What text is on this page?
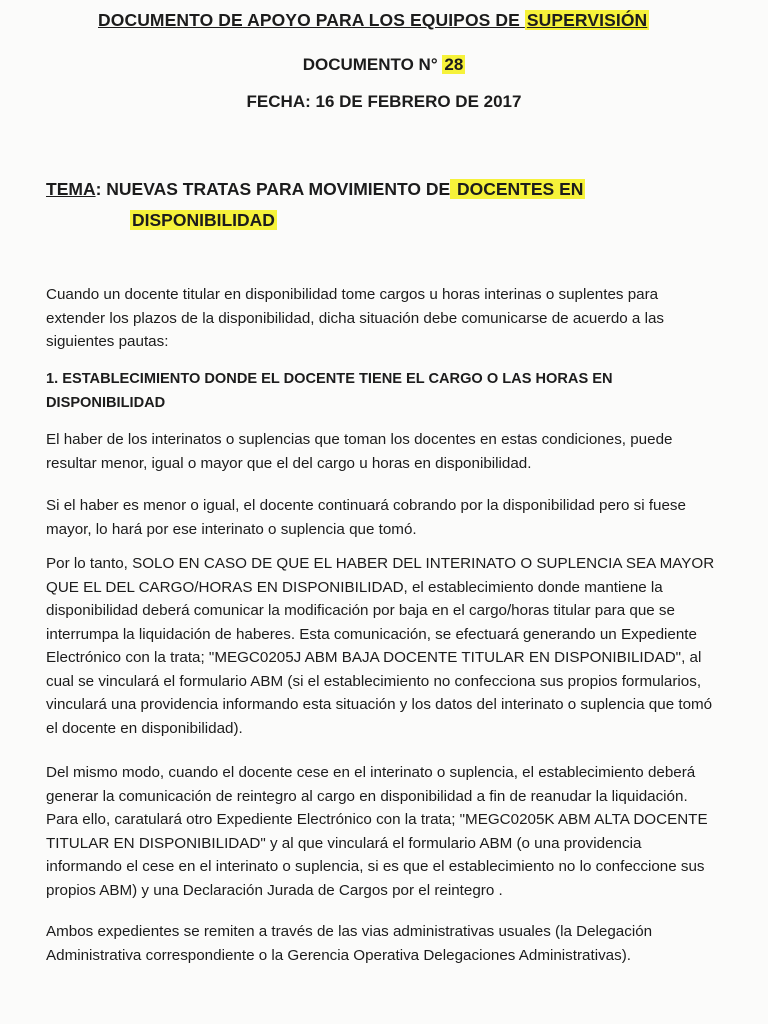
DOCUMENTO DE APOYO PARA LOS EQUIPOS DE SUPERVISIÓN
DOCUMENTO N° 28
FECHA: 16 DE FEBRERO DE 2017
TEMA: NUEVAS TRATAS PARA MOVIMIENTO DE DOCENTES EN
DISPONIBILIDAD
Cuando un docente titular en disponibilidad tome cargos u horas interinas o suplentes para extender los plazos de la disponibilidad, dicha situación debe comunicarse de acuerdo a las siguientes pautas:
1. ESTABLECIMIENTO DONDE EL DOCENTE TIENE EL CARGO O LAS HORAS EN DISPONIBILIDAD
El haber de los interinatos o suplencias que toman los docentes en estas condiciones, puede resultar menor, igual o mayor que el del cargo u horas en disponibilidad.
Si el haber es menor o igual, el docente continuará cobrando por la disponibilidad pero si fuese mayor, lo hará por ese interinato o suplencia que tomó.
Por lo tanto, SOLO EN CASO DE QUE EL HABER DEL INTERINATO O SUPLENCIA SEA MAYOR QUE EL DEL CARGO/HORAS EN DISPONIBILIDAD, el establecimiento donde mantiene la disponibilidad deberá comunicar la modificación por baja en el cargo/horas titular para que se interrumpa la liquidación de haberes. Esta comunicación, se efectuará generando un Expediente Electrónico con la trata; "MEGC0205J ABM BAJA DOCENTE TITULAR EN DISPONIBILIDAD", al cual se vinculará el formulario ABM (si el establecimiento no confecciona sus propios formularios, vinculará una providencia informando esta situación y los datos del interinato o suplencia que tomó el docente en disponibilidad).
Del mismo modo, cuando el docente cese en el interinato o suplencia, el establecimiento deberá generar la comunicación de reintegro al cargo en disponibilidad a fin de reanudar la liquidación. Para ello, caratulará otro Expediente Electrónico con la trata; "MEGC0205K ABM ALTA DOCENTE TITULAR EN DISPONIBILIDAD" y al que vinculará el formulario ABM (o una providencia informando el cese en el interinato o suplencia, si es que el establecimiento no lo confeccione sus propios ABM) y una Declaración Jurada de Cargos por el reintegro .
Ambos expedientes se remiten a través de las vias administrativas usuales (la Delegación Administrativa correspondiente o la Gerencia Operativa Delegaciones Administrativas).
